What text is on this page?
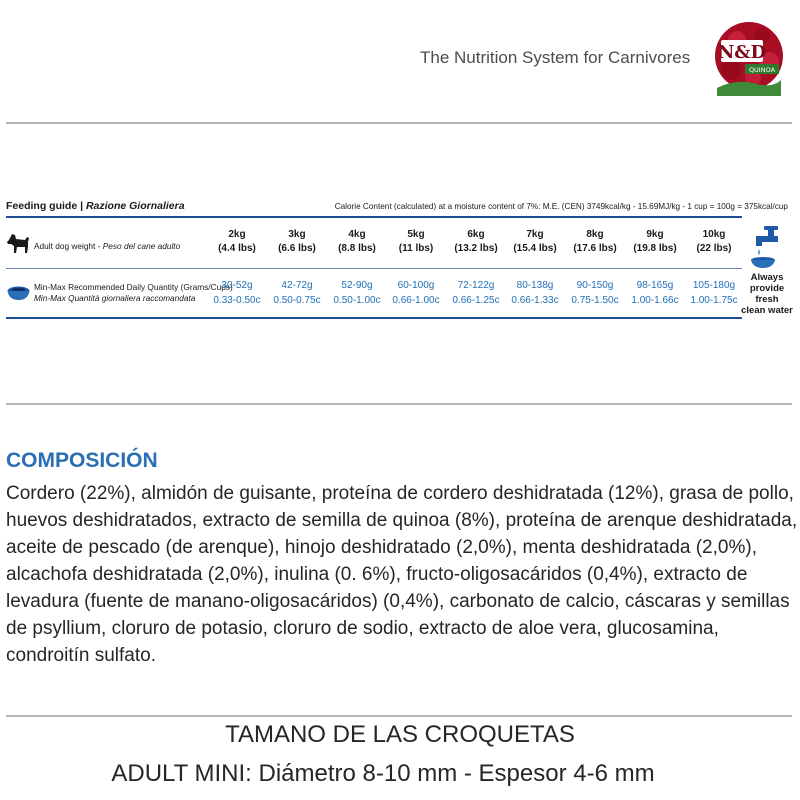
The Nutrition System for Carnivores N&D
QUINOA
Feeding guide | Razione Giornaliera	Calorie Content (calculated) at a moisture content of 7%: M.E. (CEN) 3749kcal/kg - 15.69MJ/kg - 1 cup = 100g = 375kcal/cup
Adult dog weight - Peso del cane adulto
Min-Max Recommended Daily Quantity (Grams/Cups)
Min-Max Quantità giornaliera raccomandata
2kg
(4.4 lbs)
3kg
(6.6 lbs)
4kg
(8.8 lbs)
5kg
(11 lbs)
6kg
(13.2 lbs)
7kg
(15.4 lbs)
8kg
(17.6 lbs)
9kg
(19.8 lbs)
10kg
(22 lbs)
30-52g
0.33-0.50c
42-72g
0.50-0.75c
52-90g
0.50-1.00c
60-100g
0.66-1.00c
72-122g
0.66-1.25c
80-138g
0.66-1.33c
90-150g
0.75-1.50c
98-165g
1.00-1.66c
105-180g
1.00-1.75c
Always
provide fresh
clean water
COMPOSICIÓN
Cordero (22%), almidón de guisante, proteína de cordero deshidratada (12%), grasa de pollo, huevos deshidratados, extracto de semilla de quinoa (8%), proteína de arenque deshidratada, aceite de pescado (de arenque), hinojo deshidratado (2,0%), menta deshidratada (2,0%), alcachofa deshidratada (2,0%), inulina (0. 6%), fructo-oligosacáridos (0,4%), extracto de levadura (fuente de manano-oligosacáridos) (0,4%), carbonato de calcio, cáscaras y semillas de psyllium, cloruro de potasio, cloruro de sodio, extracto de aloe vera, glucosamina, condroitín sulfato.
TAMANO DE LAS CROQUETAS
ADULT MINI: Diámetro 8-10 mm - Espesor 4-6 mm
